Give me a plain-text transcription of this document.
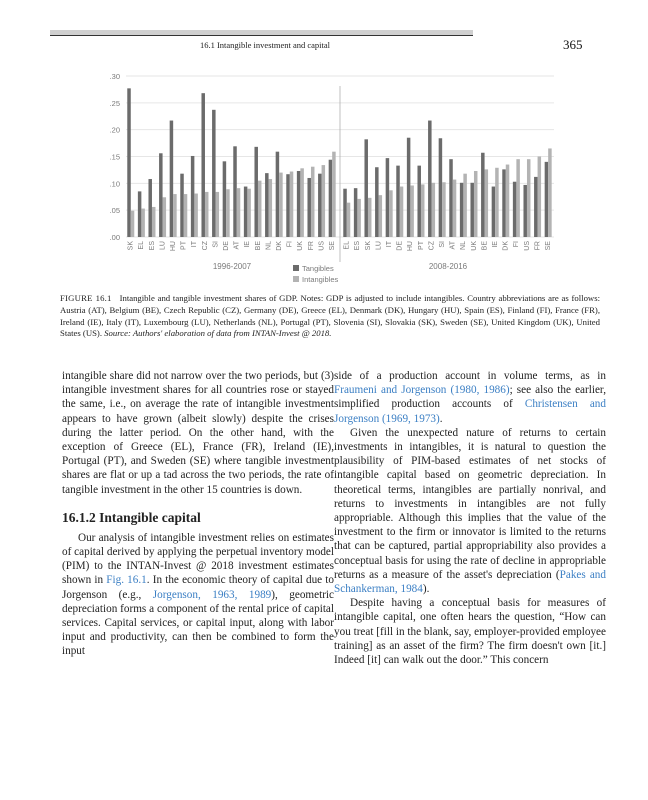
16.1 Intangible investment and capital	365
.00
.05
.10
.15
.20
.25
.30
SK EL ES LU HU PT IT CZ SI DE AT IE BE NL DK FI UK FR US SE
1996-2007
EL ES SK LU IT DE HU PT CZ SI AT NL UK BE IE DK FI US FR SE
2008-2016
Tangibles
Intangibles
FIGURE 16.1 Intangible and tangible investment shares of GDP. Notes: GDP is adjusted to include intangibles. Country abbreviations are as follows: Austria (AT), Belgium (BE), Czech Republic (CZ), Germany (DE), Greece (EL), Denmark (DK), Hungary (HU), Spain (ES), Finland (FI), France (FR), Ireland (IE), Italy (IT), Luxembourg (LU), Netherlands (NL), Portugal (PT), Slovenia (SI), Slovakia (SK), Sweden (SE), United Kingdom (UK), United States (US). Source: Authors' elaboration of data from INTAN-Invest @ 2018.

intangible share did not narrow over the two periods, but (3) intangible investment shares for all countries rose or stayed the same, i.e., on average the rate of intangible investment appears to have grown (albeit slowly) despite the crises during the latter period. On the other hand, with the exception of Greece (EL), France (FR), Ireland (IE), Portugal (PT), and Sweden (SE) where tangible investment shares are flat or up a tad across the two periods, the rate of tangible investment in the other 15 countries is down.

16.1.2 Intangible capital

Our analysis of intangible investment relies on estimates of capital derived by applying the perpetual inventory model (PIM) to the INTAN-Invest @ 2018 investment estimates shown in Fig. 16.1. In the economic theory of capital due to Jorgenson (e.g., Jorgenson, 1963, 1989), geometric depreciation forms a component of the rental price of capital services. Capital services, or capital input, along with labor input and productivity, can then be combined to form the input

side of a production account in volume terms, as in Fraumeni and Jorgenson (1980, 1986); see also the earlier, simplified production accounts of Christensen and Jorgenson (1969, 1973).

Given the unexpected nature of returns to certain investments in intangibles, it is natural to question the plausibility of PIM-based estimates of net stocks of intangible capital based on geometric depreciation. In theoretical terms, intangibles are partially nonrival, and returns to investments in intangibles are not fully appropriable. Although this implies that the value of the investment to the firm or innovator is limited to the returns that can be captured, partial appropriability also provides a conceptual basis for using the rate of decline in appropriable returns as a measure of the asset's depreciation (Pakes and Schankerman, 1984).

Despite having a conceptual basis for measures of intangible capital, one often hears the question, “How can you treat [fill in the blank, say, employer-provided employee training] as an asset of the firm? The firm doesn't own [it.] Indeed [it] can walk out the door.” This concern
